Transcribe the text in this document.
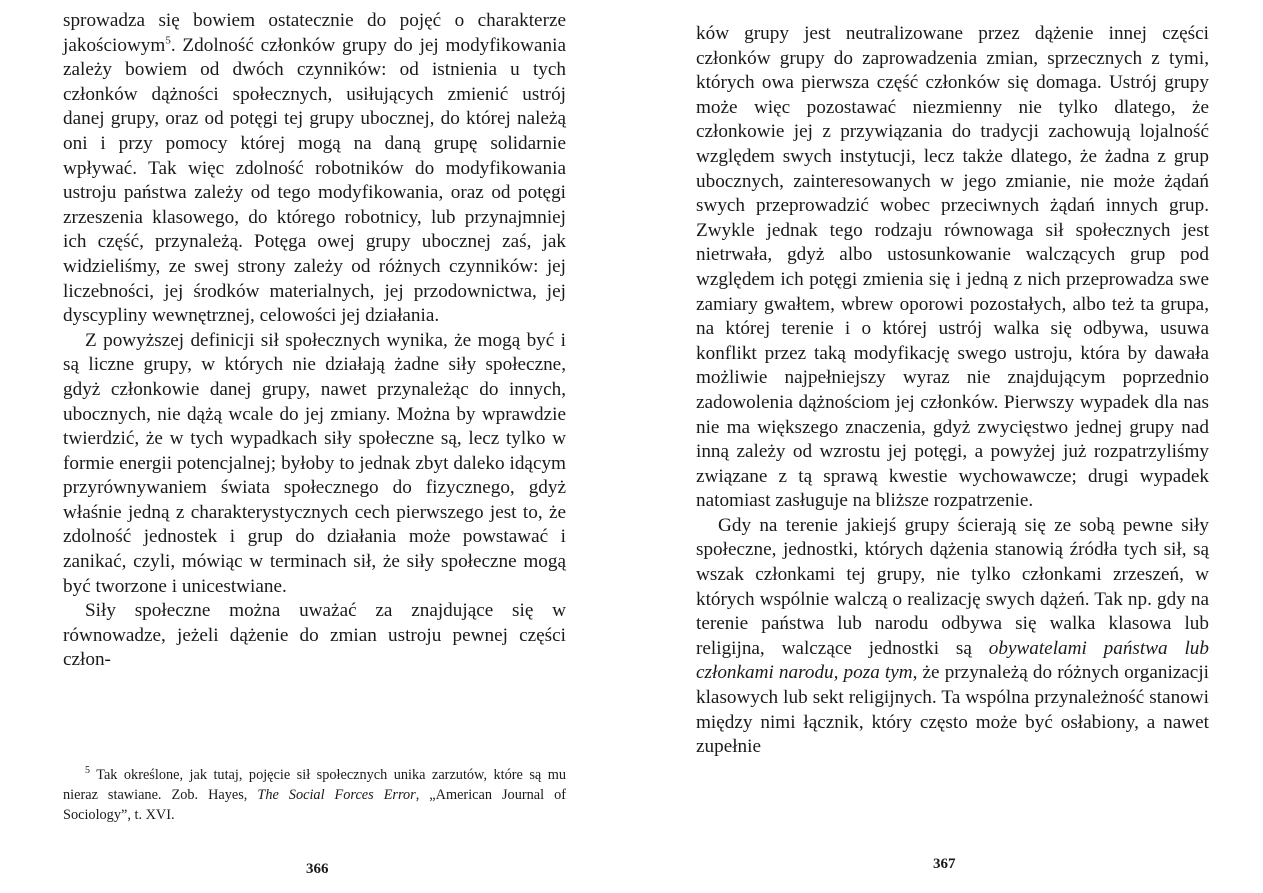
sprowadza się bowiem ostatecznie do pojęć o charakterze jakościowym$^5$. Zdolność członków grupy do jej modyfikowania zależy bowiem od dwóch czynników: od istnienia u tych członków dążności społecznych, usiłujących zmienić ustrój danej grupy, oraz od potęgi tej grupy ubocznej, do której należą oni i przy pomocy której mogą na daną grupę solidarnie wpływać. Tak więc zdolność robotników do modyfikowania ustroju państwa zależy od tego modyfikowania, oraz od potęgi zrzeszenia klasowego, do którego robotnicy, lub przynajmniej ich część, przynależą. Potęga owej grupy ubocznej zaś, jak widzieliśmy, ze swej strony zależy od różnych czynników: jej liczebności, jej środków materialnych, jej przodownictwa, jej dyscypliny wewnętrznej, celowości jej działania.

Z powyższej definicji sił społecznych wynika, że mogą być i są liczne grupy, w których nie działają żadne siły społeczne, gdyż członkowie danej grupy, nawet przynależąc do innych, ubocznych, nie dążą wcale do jej zmiany. Można by wprawdzie twierdzić, że w tych wypadkach siły społeczne są, lecz tylko w formie energii potencjalnej; byłoby to jednak zbyt daleko idącym przyrównywaniem świata społecznego do fizycznego, gdyż właśnie jedną z charakterystycznych cech pierwszego jest to, że zdolność jednostek i grup do działania może powstawać i zanikać, czyli, mówiąc w terminach sił, że siły społeczne mogą być tworzone i unicestwiane.

Siły społeczne można uważać za znajdujące się w równowadze, jeżeli dążenie do zmian ustroju pewnej części człon-

$^5$ Tak określone, jak tutaj, pojęcie sił społecznych unika zarzutów, które są mu nieraz stawiane. Zob. Hayes, The Social Forces Error, „American Journal of Sociology”, t. XVI.

366

ków grupy jest neutralizowane przez dążenie innej części członków grupy do zaprowadzenia zmian, sprzecznych z tymi, których owa pierwsza część członków się domaga. Ustrój grupy może więc pozostawać niezmienny nie tylko dlatego, że członkowie jej z przywiązania do tradycji zachowują lojalność względem swych instytucji, lecz także dlatego, że żadna z grup ubocznych, zainteresowanych w jego zmianie, nie może żądań swych przeprowadzić wobec przeciwnych żądań innych grup. Zwykle jednak tego rodzaju równowaga sił społecznych jest nietrwała, gdyż albo ustosunkowanie walczących grup pod względem ich potęgi zmienia się i jedną z nich przeprowadza swe zamiary gwałtem, wbrew oporowi pozostałych, albo też ta grupa, na której terenie i o której ustrój walka się odbywa, usuwa konflikt przez taką modyfikację swego ustroju, która by dawała możliwie najpełniejszy wyraz nie znajdującym poprzednio zadowolenia dążnościom jej członków. Pierwszy wypadek dla nas nie ma większego znaczenia, gdyż zwycięstwo jednej grupy nad inną zależy od wzrostu jej potęgi, a powyżej już rozpatrzyliśmy związane z tą sprawą kwestie wychowawcze; drugi wypadek natomiast zasługuje na bliższe rozpatrzenie.

Gdy na terenie jakiejś grupy ścierają się ze sobą pewne siły społeczne, jednostki, których dążenia stanowią źródła tych sił, są wszak członkami tej grupy, nie tylko członkami zrzeszeń, w których wspólnie walczą o realizację swych dążeń. Tak np. gdy na terenie państwa lub narodu odbywa się walka klasowa lub religijna, walczące jednostki są obywatelami państwa lub członkami narodu, poza tym, że przynależą do różnych organizacji klasowych lub sekt religijnych. Ta wspólna przynależność stanowi między nimi łącznik, który często może być osłabiony, a nawet zupełnie

367
